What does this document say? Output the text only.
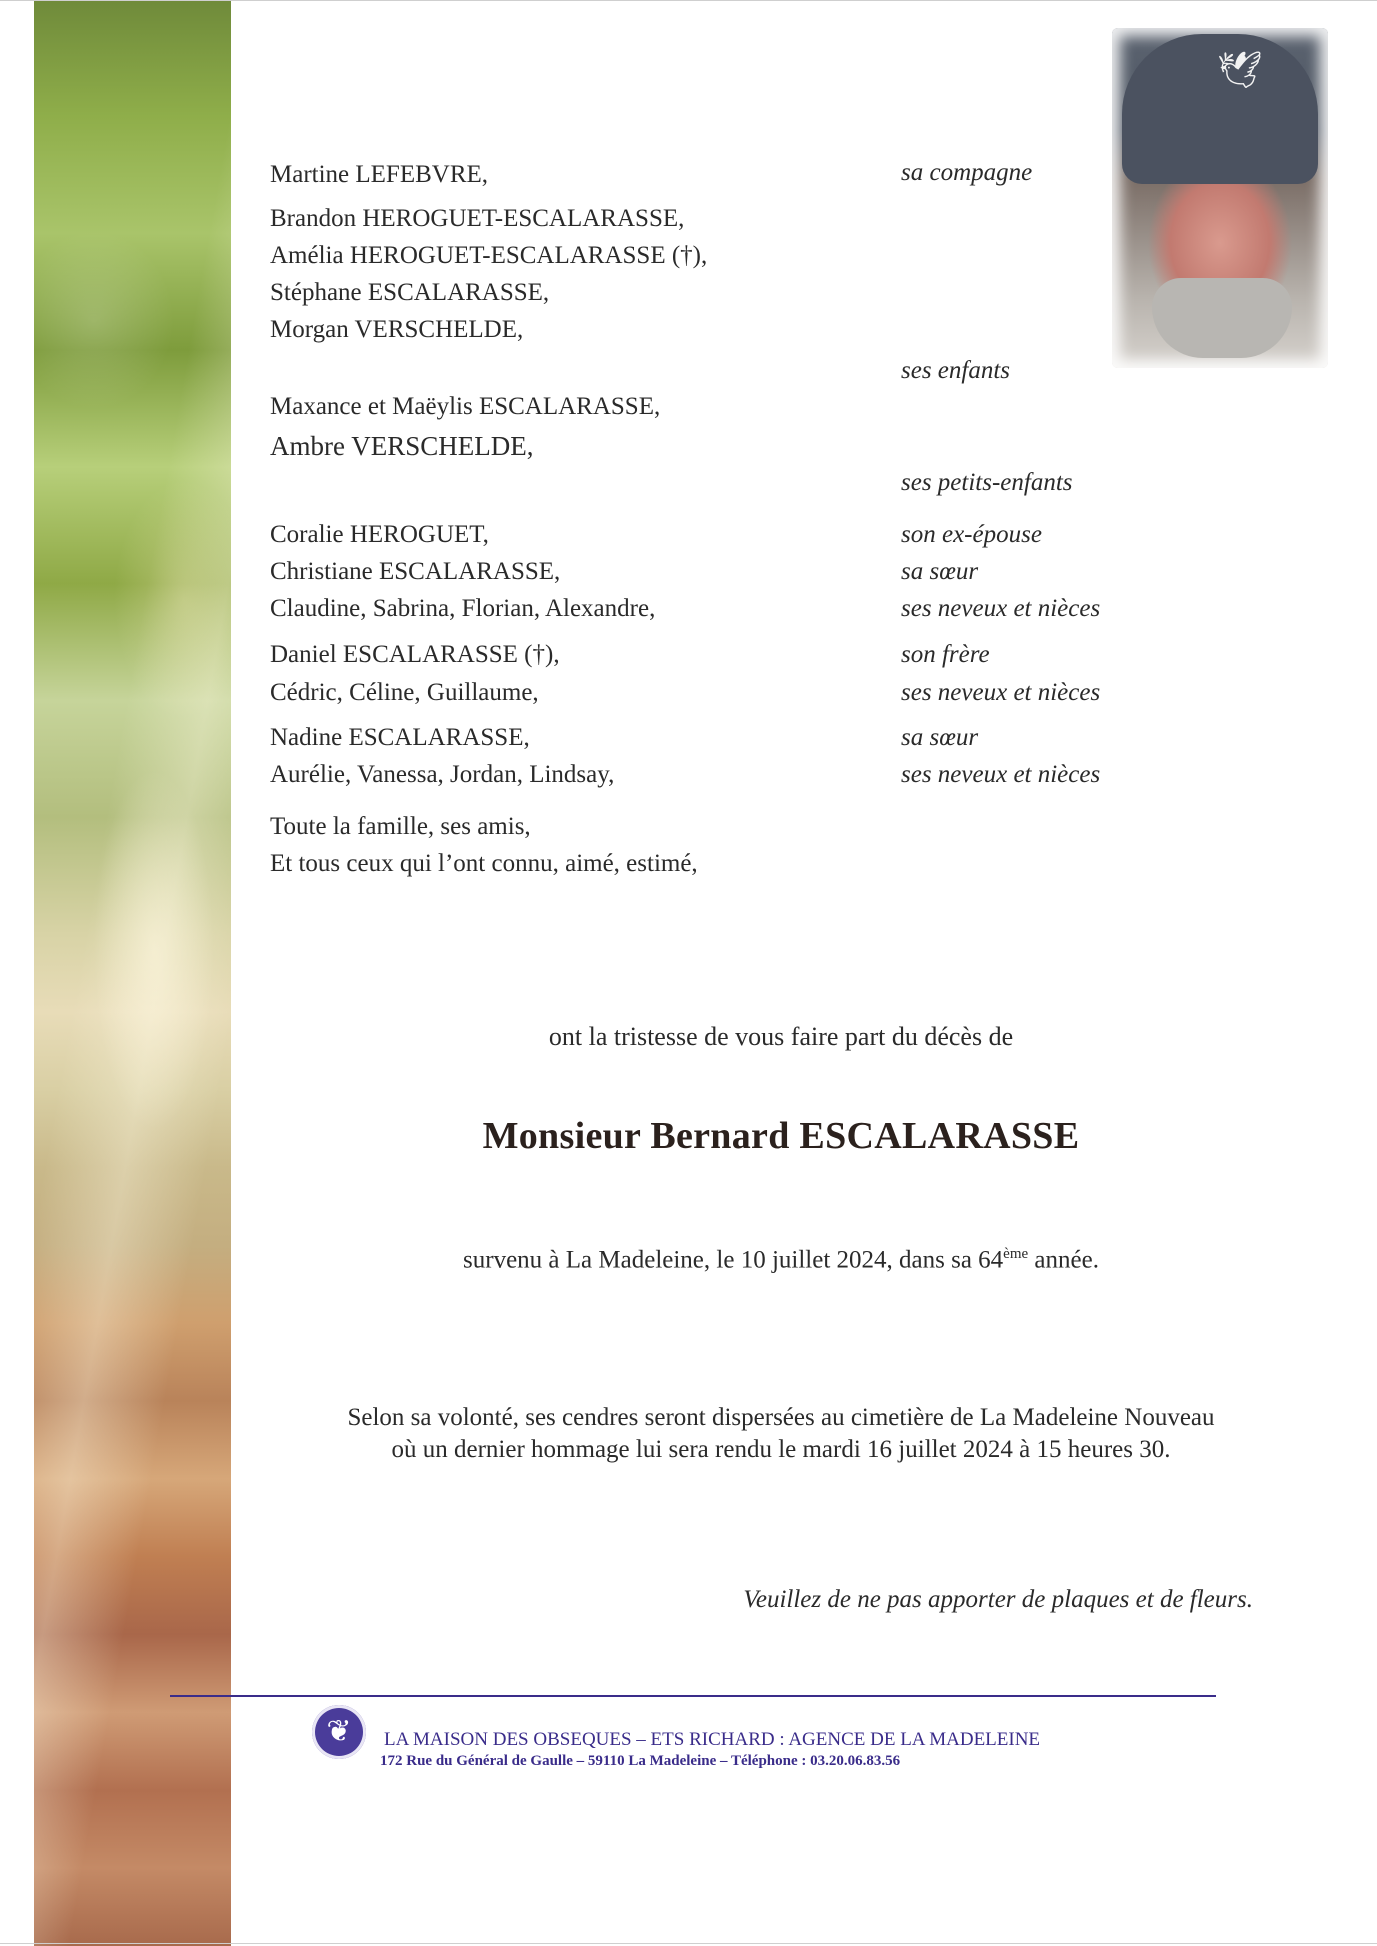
🕊
Martine LEFEBVRE,	sa compagne
Brandon HEROGUET-ESCALARASSE,
Amélia HEROGUET-ESCALARASSE (†),
Stéphane ESCALARASSE,
Morgan VERSCHELDE,
ses enfants
Maxance et Maëylis ESCALARASSE,
Ambre VERSCHELDE,
ses petits-enfants
Coralie HEROGUET,	son ex-épouse
Christiane ESCALARASSE,	sa sœur
Claudine, Sabrina, Florian, Alexandre,	ses neveux et nièces
Daniel ESCALARASSE (†),	son frère
Cédric, Céline, Guillaume,	ses neveux et nièces
Nadine ESCALARASSE,	sa sœur
Aurélie, Vanessa, Jordan, Lindsay,	ses neveux et nièces
Toute la famille, ses amis,
Et tous ceux qui l’ont connu, aimé, estimé,
ont la tristesse de vous faire part du décès de
Monsieur Bernard ESCALARASSE
survenu à La Madeleine, le 10 juillet 2024, dans sa 64ème année.
Selon sa volonté, ses cendres seront dispersées au cimetière de La Madeleine Nouveau
où un dernier hommage lui sera rendu le mardi 16 juillet 2024 à 15 heures 30.
Veuillez de ne pas apporter de plaques et de fleurs.
❦	LA MAISON DES OBSEQUES – ETS RICHARD : AGENCE DE LA MADELEINE
172 Rue du Général de Gaulle – 59110 La Madeleine – Téléphone : 03.20.06.83.56
